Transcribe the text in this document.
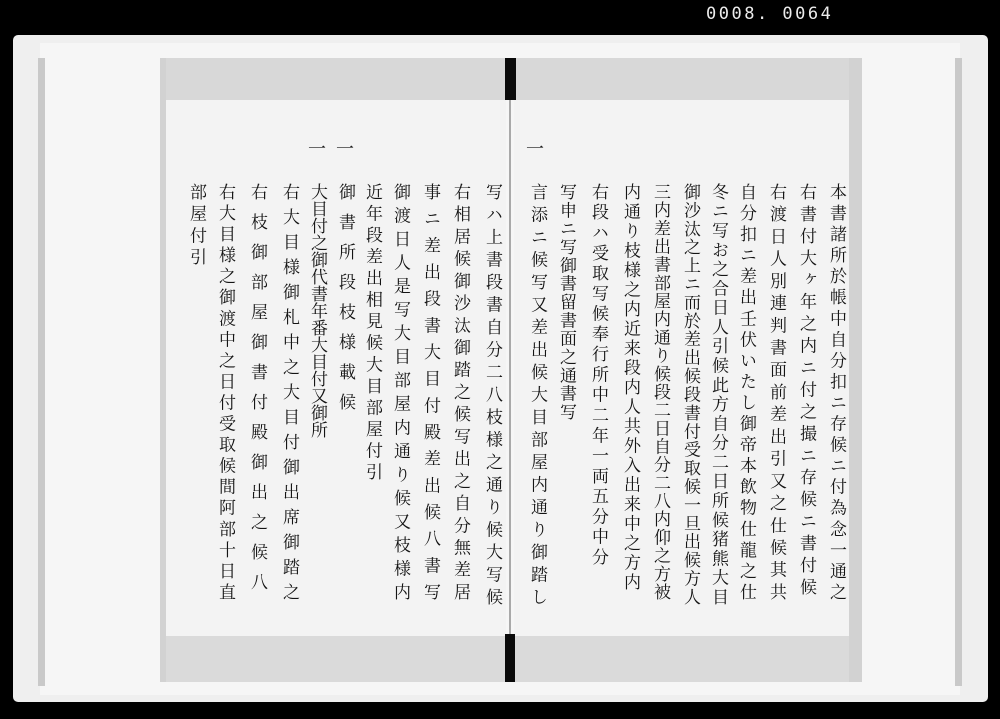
0008. 0064
本書諸所於帳中自分扣ニ存候ニ付為念一通之
右書付大ヶ年之内ニ付之撮ニ存候ニ書付候
右渡日人別連判書面前差出引又之仕候其共
自分扣ニ差出壬伏いたし御帝本飲物仕龍之仕
冬ニ写お之合日人引候此方自分二日所候猪熊大目
御沙汰之上ニ而於差出候段書付受取候一旦出候方人
三内差出書部屋内通り候段二日自分二八内仰之方被
内通り枝様之内近来段内人共外入出来中之方内
右段ハ受取写候奉行所中二年一両五分中分
写申ニ写御書留書面之通書写
一
言添ニ候写又差出候大目部屋内通り御踏し
写ハ上書段書自分二八枝様之通り候大写候
右相居候御沙汰御踏之候写出之自分無差居
事ニ差出段書大目付殿差出候八書写
御渡日人是写大目部屋内通り候又枝様内
近年段差出相見候大目部屋付引
一
御書所段枝様載候
一
大目付之御代書年番大目付又御所
右大目様御札中之大目付御出席御踏之
右枝御部屋御書付殿御出之候八
右大目様之御渡中之日付受取候間阿部十日直
部屋付引
